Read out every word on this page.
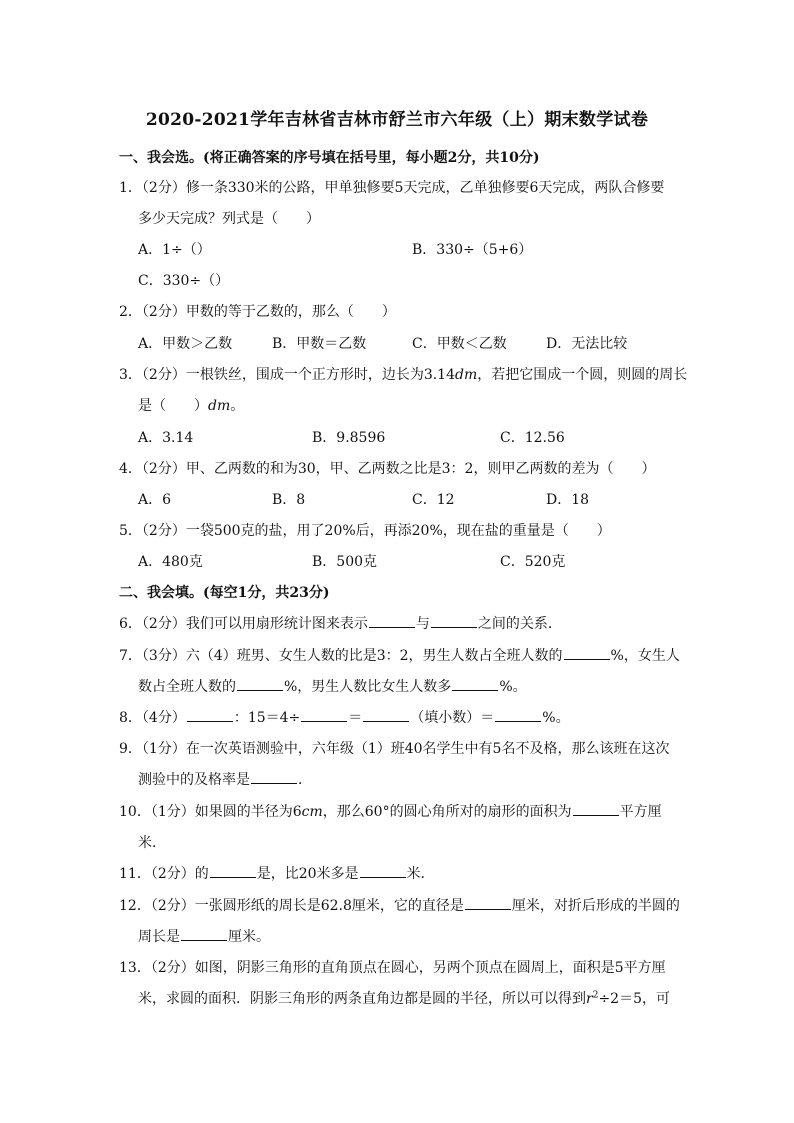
2020-2021学年吉林省吉林市舒兰市六年级（上）期末数学试卷
一、我会选。(将正确答案的序号填在括号里，每小题2分，共10分)
1．（2分）修一条330米的公路，甲单独修要5天完成，乙单独修要6天完成，两队合修要
多少天完成？列式是（　　）
A．1÷（）	B．330÷（5+6）
C．330÷（）
2．（2分）甲数的等于乙数的，那么（　　）
A．甲数＞乙数	B．甲数＝乙数	C．甲数＜乙数	D．无法比较
3．（2分）一根铁丝，围成一个正方形时，边长为3.14dm，若把它围成一个圆，则圆的周长
是（　　）dm。
A．3.14	B．9.8596	C．12.56
4．（2分）甲、乙两数的和为30，甲、乙两数之比是3：2，则甲乙两数的差为（　　）
A．6	B．8	C．12	D．18
5．（2分）一袋500克的盐，用了20%后，再添20%，现在盐的重量是（　　）
A．480克	B．500克	C．520克
二、我会填。(每空1分，共23分)
6．（2分）我们可以用扇形统计图来表示	与	之间的关系．
7．（3分）六（4）班男、女生人数的比是3：2，男生人数占全班人数的	%，女生人
数占全班人数的	%，男生人数比女生人数多	%。
8．（4分）	：15＝4÷	＝	（填小数）＝	%。
9．（1分）在一次英语测验中，六年级（1）班40名学生中有5名不及格，那么该班在这次
测验中的及格率是	．
10．（1分）如果圆的半径为6cm，那么60°的圆心角所对的扇形的面积为	平方厘
米．
11．（2分）的	是，比20米多是	米．
12．（2分）一张圆形纸的周长是62.8厘米，它的直径是	厘米，对折后形成的半圆的
周长是	厘米。
13．（2分）如图，阴影三角形的直角顶点在圆心，另两个顶点在圆周上，面积是5平方厘
米，求圆的面积．阴影三角形的两条直角边都是圆的半径，所以可以得到$r^2\div 2=5$，可
